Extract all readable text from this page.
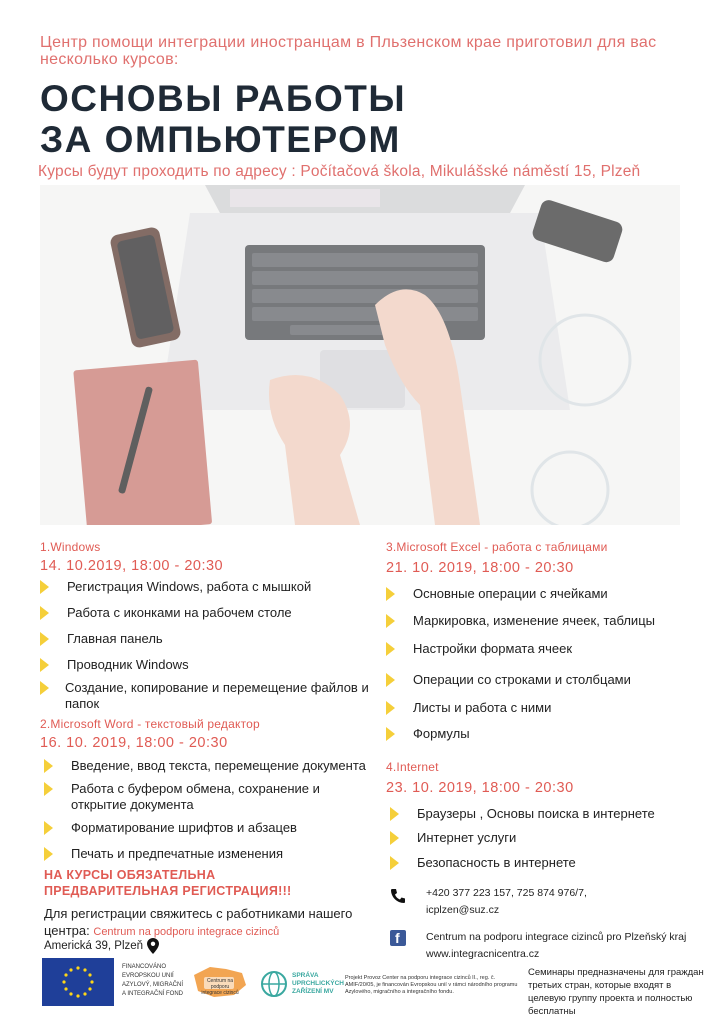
Центр помощи интеграции иностранцам в Пльзенском крае приготовил для вас несколько курсов:
ОСНОВЫ РАБОТЫ
ЗА ОМПЬЮТЕРОМ
Курсы будут проходить по адресу : Počítačová škola, Mikulášské náměstí 15, Plzeň
1.Windows
14. 10.2019, 18:00 - 20:30
Регистрация Windows, работа с мышкой
Работа с иконками на рабочем столе
Главная панель
Проводник Windows
Создание, копирование и перемещение файлов и папок
2.Microsoft Word - текстовый редактор
16. 10. 2019, 18:00 - 20:30
Введение, ввод текста, перемещение документа
Работа с буфером обмена, сохранение и открытие документа
Форматирование шрифтов и абзацев
Печать и предпечатные изменения
3.Microsoft Excel - работа с таблицами
21. 10. 2019, 18:00 - 20:30
Основные операции с ячейками
Маркировка, изменение ячеек, таблицы
Настройки формата ячеек
Операции со строками и столбцами
Листы и работа с ними
Формулы
4.Internet
23. 10. 2019, 18:00 - 20:30
Браузеры , Основы поиска в интернете
Интернет услуги
Безопасность в интернете
НА КУРСЫ ОБЯЗАТЕЛЬНА ПРЕДВАРИТЕЛЬНАЯ РЕГИСТРАЦИЯ!!!
Для регистрации свяжитесь с работниками нашего центра: Centrum na podporu integrace cizinců
Americká 39, Plzeň
+420 377 223 157, 725 874 976/7,
icplzen@suz.cz
f	Centrum na podporu integrace cizinců pro Plzeňský kraj
www.integracnicentra.cz
FINANCOVÁNO
EVROPSKOU UNIÍ
AZYLOVÝ, MIGRAČNÍ
A INTEGRAČNÍ FOND
Centrum na podporu integrace cizinců
SPRÁVA
UPRCHLICKÝCH
ZAŘÍZENÍ MV
Projekt Provoz Center na podporu integrace cizinců II., reg. č. AMIF/20/05, je financován Evropskou unií v rámci národního programu Azylového, migračního a integračního fondu.
Семинары предназначены для граждан третьих стран, которые входят в целевую группу проекта и полностью бесплатны
